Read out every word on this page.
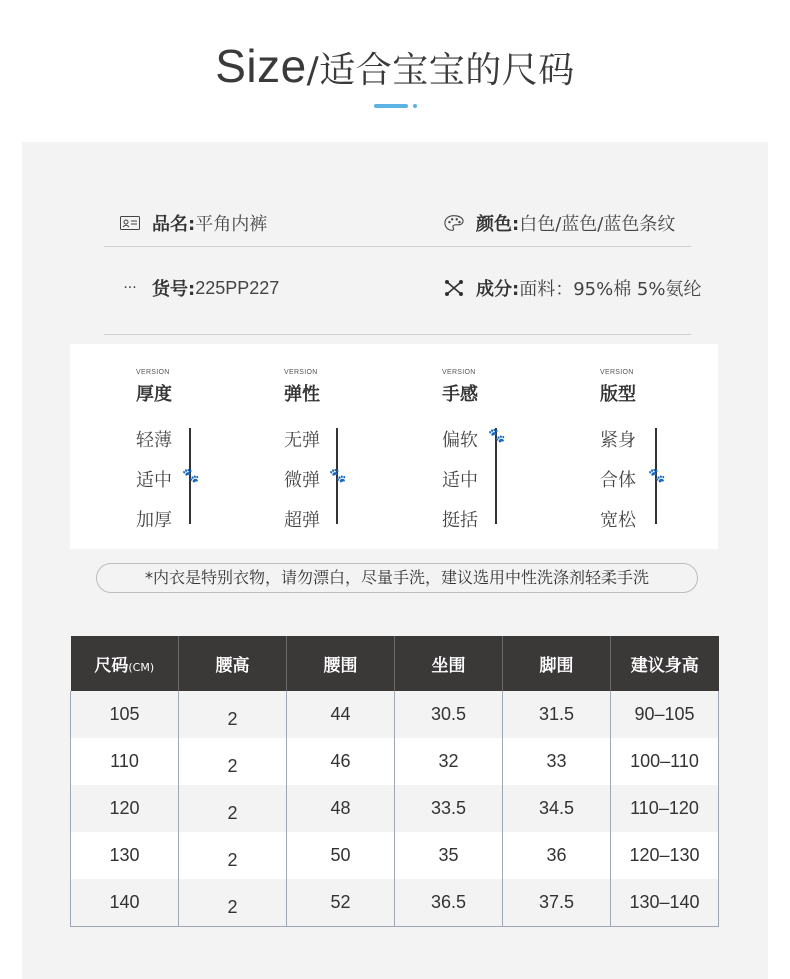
Size/适合宝宝的尺码
品名: 平角内裤	颜色: 白色/蓝色/蓝色条纹
··· 货号: 225PP227	成分: 面料：95%棉 5%氨纶
VERSION
厚度
轻薄
适中
加厚
🐾
VERSION
弹性
无弹
微弹
超弹
🐾
VERSION
手感
偏软
适中
挺括
🐾
VERSION
版型
紧身
合体
宽松
🐾
*内衣是特别衣物，请勿漂白，尽量手洗，建议选用中性洗涤剂轻柔手洗
尺码(CM)	腰高	腰围	坐围	脚围	建议身高
105	2	44	30.5	31.5	90–105
110	2	46	32	33	100–110
120	2	48	33.5	34.5	110–120
130	2	50	35	36	120–130
140	2	52	36.5	37.5	130–140
